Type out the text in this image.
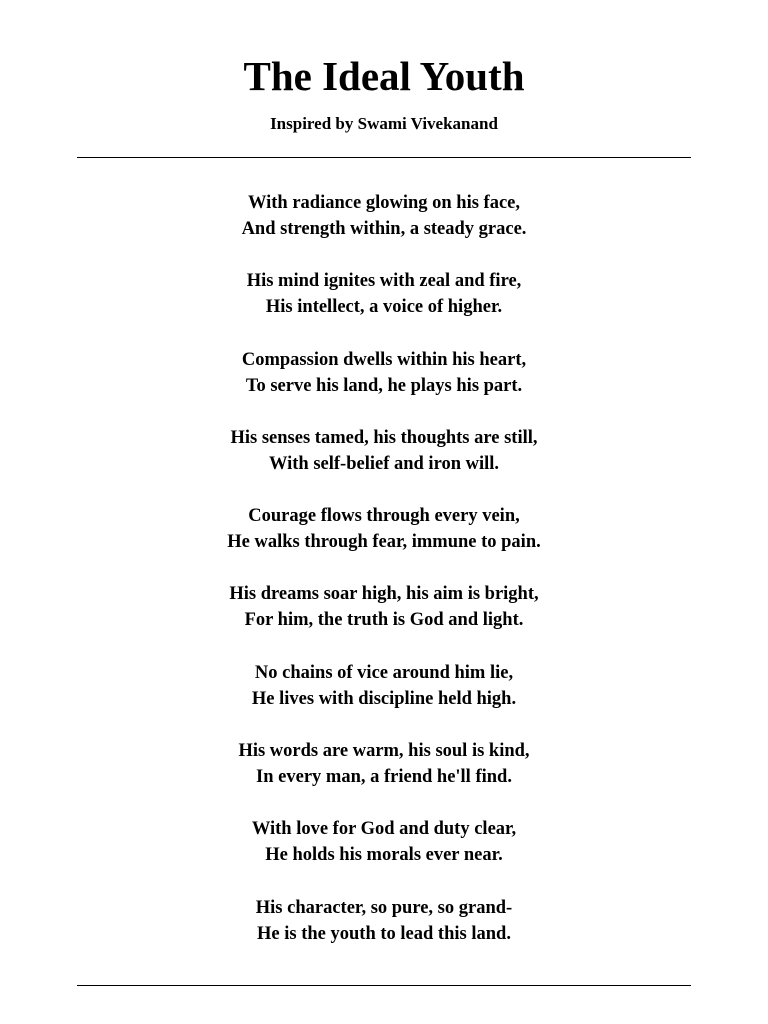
The Ideal Youth

Inspired by Swami Vivekanand

With radiance glowing on his face,
And strength within, a steady grace.
His mind ignites with zeal and fire,
His intellect, a voice of higher.
Compassion dwells within his heart,
To serve his land, he plays his part.
His senses tamed, his thoughts are still,
With self-belief and iron will.
Courage flows through every vein,
He walks through fear, immune to pain.
His dreams soar high, his aim is bright,
For him, the truth is God and light.
No chains of vice around him lie,
He lives with discipline held high.
His words are warm, his soul is kind,
In every man, a friend he'll find.
With love for God and duty clear,
He holds his morals ever near.
His character, so pure, so grand-
He is the youth to lead this land.
